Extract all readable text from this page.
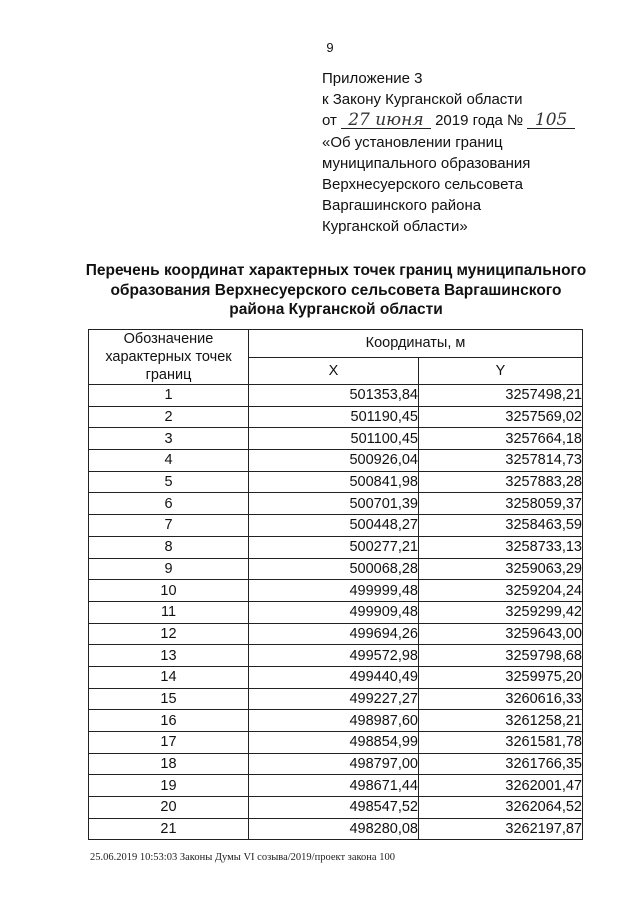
9
Приложение 3
к Закону Курганской области
от 27 июня 2019 года № 105
«Об установлении границ
муниципального образования
Верхнесуерского сельсовета
Варгашинского района
Курганской области»
Перечень координат характерных точек границ муниципального
образования Верхнесуерского сельсовета Варгашинского
района Курганской области
Обозначение
характерных точек
границ	Координаты, м	
	X	Y
1	501353,84	3257498,21
2	501190,45	3257569,02
3	501100,45	3257664,18
4	500926,04	3257814,73
5	500841,98	3257883,28
6	500701,39	3258059,37
7	500448,27	3258463,59
8	500277,21	3258733,13
9	500068,28	3259063,29
10	499999,48	3259204,24
11	499909,48	3259299,42
12	499694,26	3259643,00
13	499572,98	3259798,68
14	499440,49	3259975,20
15	499227,27	3260616,33
16	498987,60	3261258,21
17	498854,99	3261581,78
18	498797,00	3261766,35
19	498671,44	3262001,47
20	498547,52	3262064,52
21	498280,08	3262197,87
25.06.2019 10:53:03 Законы Думы VI созыва/2019/проект закона 100
